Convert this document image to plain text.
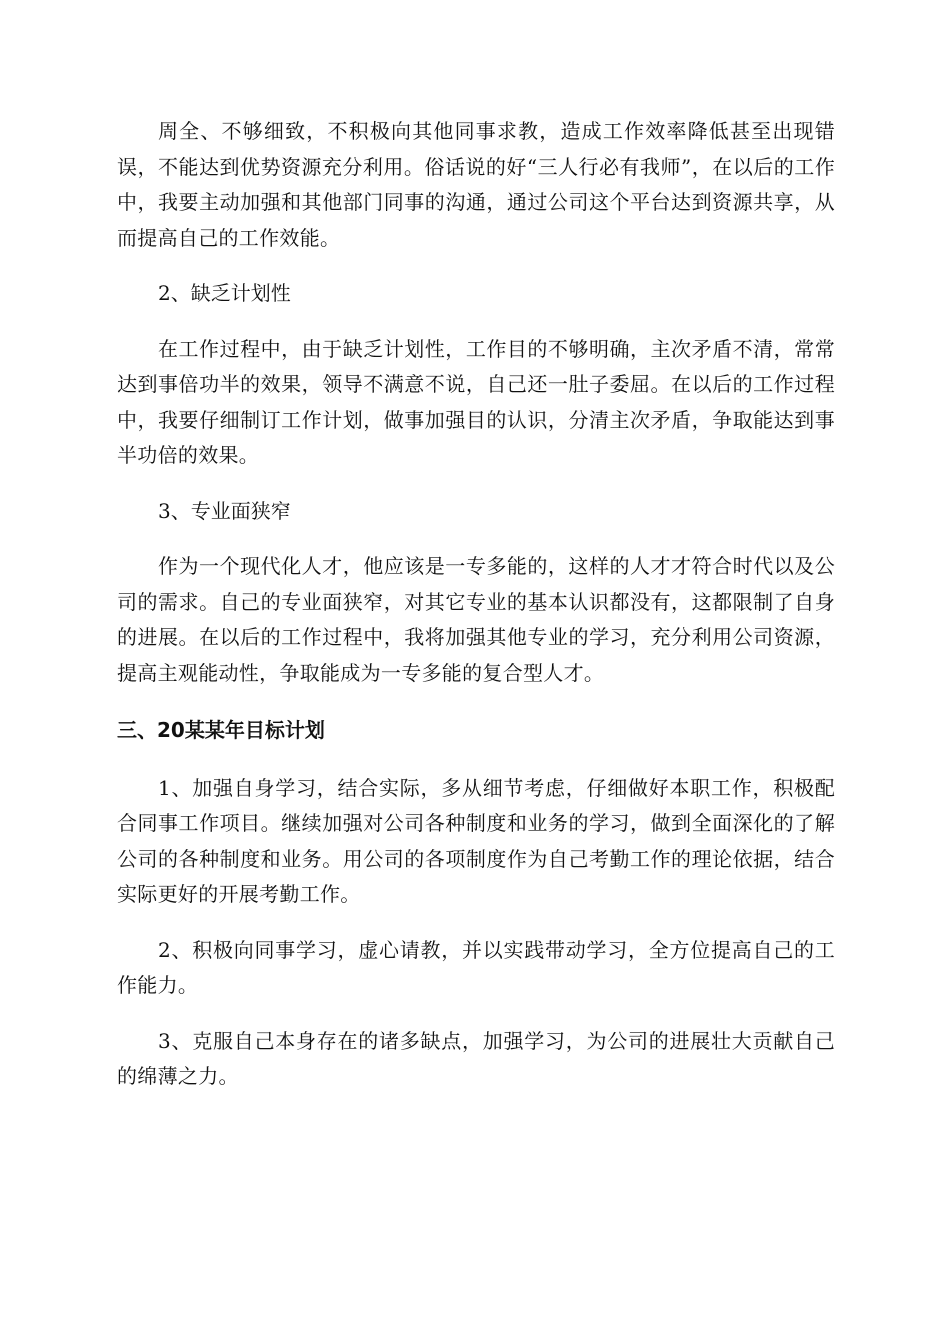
周全、不够细致，不积极向其他同事求教，造成工作效率降低甚至出现错误，不能达到优势资源充分利用。俗话说的好“三人行必有我师”，在以后的工作中，我要主动加强和其他部门同事的沟通，通过公司这个平台达到资源共享，从而提高自己的工作效能。

2、缺乏计划性

在工作过程中，由于缺乏计划性，工作目的不够明确，主次矛盾不清，常常达到事倍功半的效果，领导不满意不说，自己还一肚子委屈。在以后的工作过程中，我要仔细制订工作计划，做事加强目的认识，分清主次矛盾，争取能达到事半功倍的效果。

3、专业面狭窄

作为一个现代化人才，他应该是一专多能的，这样的人才才符合时代以及公司的需求。自己的专业面狭窄，对其它专业的基本认识都没有，这都限制了自身的进展。在以后的工作过程中，我将加强其他专业的学习，充分利用公司资源，提高主观能动性，争取能成为一专多能的复合型人才。

三、20某某年目标计划

1、加强自身学习，结合实际，多从细节考虑，仔细做好本职工作，积极配合同事工作项目。继续加强对公司各种制度和业务的学习，做到全面深化的了解公司的各种制度和业务。用公司的各项制度作为自己考勤工作的理论依据，结合实际更好的开展考勤工作。

2、积极向同事学习，虚心请教，并以实践带动学习，全方位提高自己的工作能力。

3、克服自己本身存在的诸多缺点，加强学习，为公司的进展壮大贡献自己的绵薄之力。
